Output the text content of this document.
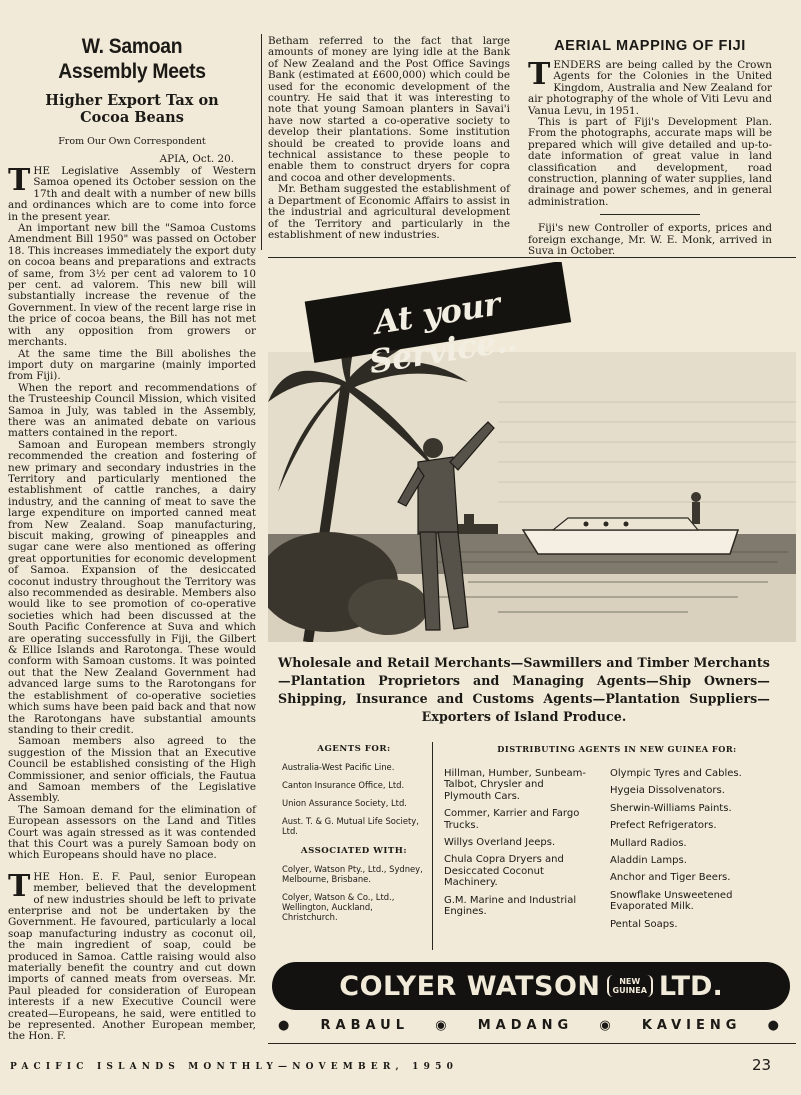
W. Samoan Assembly Meets
Higher Export Tax on Cocoa Beans
From Our Own Correspondent
APIA, Oct. 20.

THE Legislative Assembly of Western Samoa opened its October session on the 17th and dealt with a number of new bills and ordinances which are to come into force in the present year.

An important new bill the "Samoa Customs Amendment Bill 1950" was passed on October 18. This increases immediately the export duty on cocoa beans and preparations and extracts of same, from 3½ per cent ad valorem to 10 per cent. ad valorem. This new bill will substantially increase the revenue of the Government. In view of the recent large rise in the price of cocoa beans, the Bill has not met with any opposition from growers or merchants.

At the same time the Bill abolishes the import duty on margarine (mainly imported from Fiji).

When the report and recommendations of the Trusteeship Council Mission, which visited Samoa in July, was tabled in the Assembly, there was an animated debate on various matters contained in the report.

Samoan and European members strongly recommended the creation and fostering of new primary and secondary industries in the Territory and particularly mentioned the establishment of cattle ranches, a dairy industry, and the canning of meat to save the large expenditure on imported canned meat from New Zealand. Soap manufacturing, biscuit making, growing of pineapples and sugar cane were also mentioned as offering great opportunities for economic development of Samoa. Expansion of the desiccated coconut industry throughout the Territory was also recommended as desirable. Members also would like to see promotion of co-operative societies which had been discussed at the South Pacific Conference at Suva and which are operating successfully in Fiji, the Gilbert & Ellice Islands and Rarotonga. These would conform with Samoan customs. It was pointed out that the New Zealand Government had advanced large sums to the Rarotongans for the establishment of co-operative societies which sums have been paid back and that now the Rarotongans have substantial amounts standing to their credit.

Samoan members also agreed to the suggestion of the Mission that an Executive Council be established consisting of the High Commissioner, and senior officials, the Fautua and Samoan members of the Legislative Assembly.

The Samoan demand for the elimination of European assessors on the Land and Titles Court was again stressed as it was contended that this Court was a purely Samoan body on which Europeans should have no place.

THE Hon. E. F. Paul, senior European member, believed that the development of new industries should be left to private enterprise and not be undertaken by the Government. He favoured, particularly a local soap manufacturing industry as coconut oil, the main ingredient of soap, could be produced in Samoa. Cattle raising would also materially benefit the country and cut down imports of canned meats from overseas. Mr. Paul pleaded for consideration of European interests if a new Executive Council were created—Europeans, he said, were entitled to be represented. Another European member, the Hon. F.

Betham referred to the fact that large amounts of money are lying idle at the Bank of New Zealand and the Post Office Savings Bank (estimated at £600,000) which could be used for the economic development of the country. He said that it was interesting to note that young Samoan planters in Savai'i have now started a co-operative society to develop their plantations. Some institution should be created to provide loans and technical assistance to these people to enable them to construct dryers for copra and cocoa and other developments.

Mr. Betham suggested the establishment of a Department of Economic Affairs to assist in the industrial and agricultural development of the Territory and particularly in the establishment of new industries.

AERIAL MAPPING OF FIJI

TENDERS are being called by the Crown Agents for the Colonies in the United Kingdom, Australia and New Zealand for air photography of the whole of Viti Levu and Vanua Levu, in 1951.

This is part of Fiji's Development Plan. From the photographs, accurate maps will be prepared which will give detailed and up-to-date information of great value in land classification and development, road construction, planning of water supplies, land drainage and power schemes, and in general administration.

Fiji's new Controller of exports, prices and foreign exchange, Mr. W. E. Monk, arrived in Suva in October.

At your Service..
Wholesale and Retail Merchants—Sawmillers and Timber Merchants—Plantation Proprietors and Managing Agents—Ship Owners—Shipping, Insurance and Customs Agents—Plantation Suppliers—Exporters of Island Produce.
AGENTS FOR:
Australia-West Pacific Line.
Canton Insurance Office, Ltd.
Union Assurance Society, Ltd.
Aust. T. & G. Mutual Life Society, Ltd.
ASSOCIATED WITH:
Colyer, Watson Pty., Ltd., Sydney, Melbourne, Brisbane.
Colyer, Watson & Co., Ltd., Wellington, Auckland, Christchurch.
DISTRIBUTING AGENTS IN NEW GUINEA FOR:
Hillman, Humber, Sunbeam-Talbot, Chrysler and Plymouth Cars.
Commer, Karrier and Fargo Trucks.
Willys Overland Jeeps.
Chula Copra Dryers and Desiccated Coconut Machinery.
G.M. Marine and Industrial Engines.
Olympic Tyres and Cables.
Hygeia Dissolvenators.
Sherwin-Williams Paints.
Prefect Refrigerators.
Mullard Radios.
Aladdin Lamps.
Anchor and Tiger Beers.
Snowflake Unsweetened Evaporated Milk.
Pental Soaps.
COLYER WATSON NEW
GUINEA LTD.
● RABAUL ◉ MADANG ◉ KAVIENG ●
PACIFIC ISLANDS MONTHLY—NOVEMBER, 1950	23
